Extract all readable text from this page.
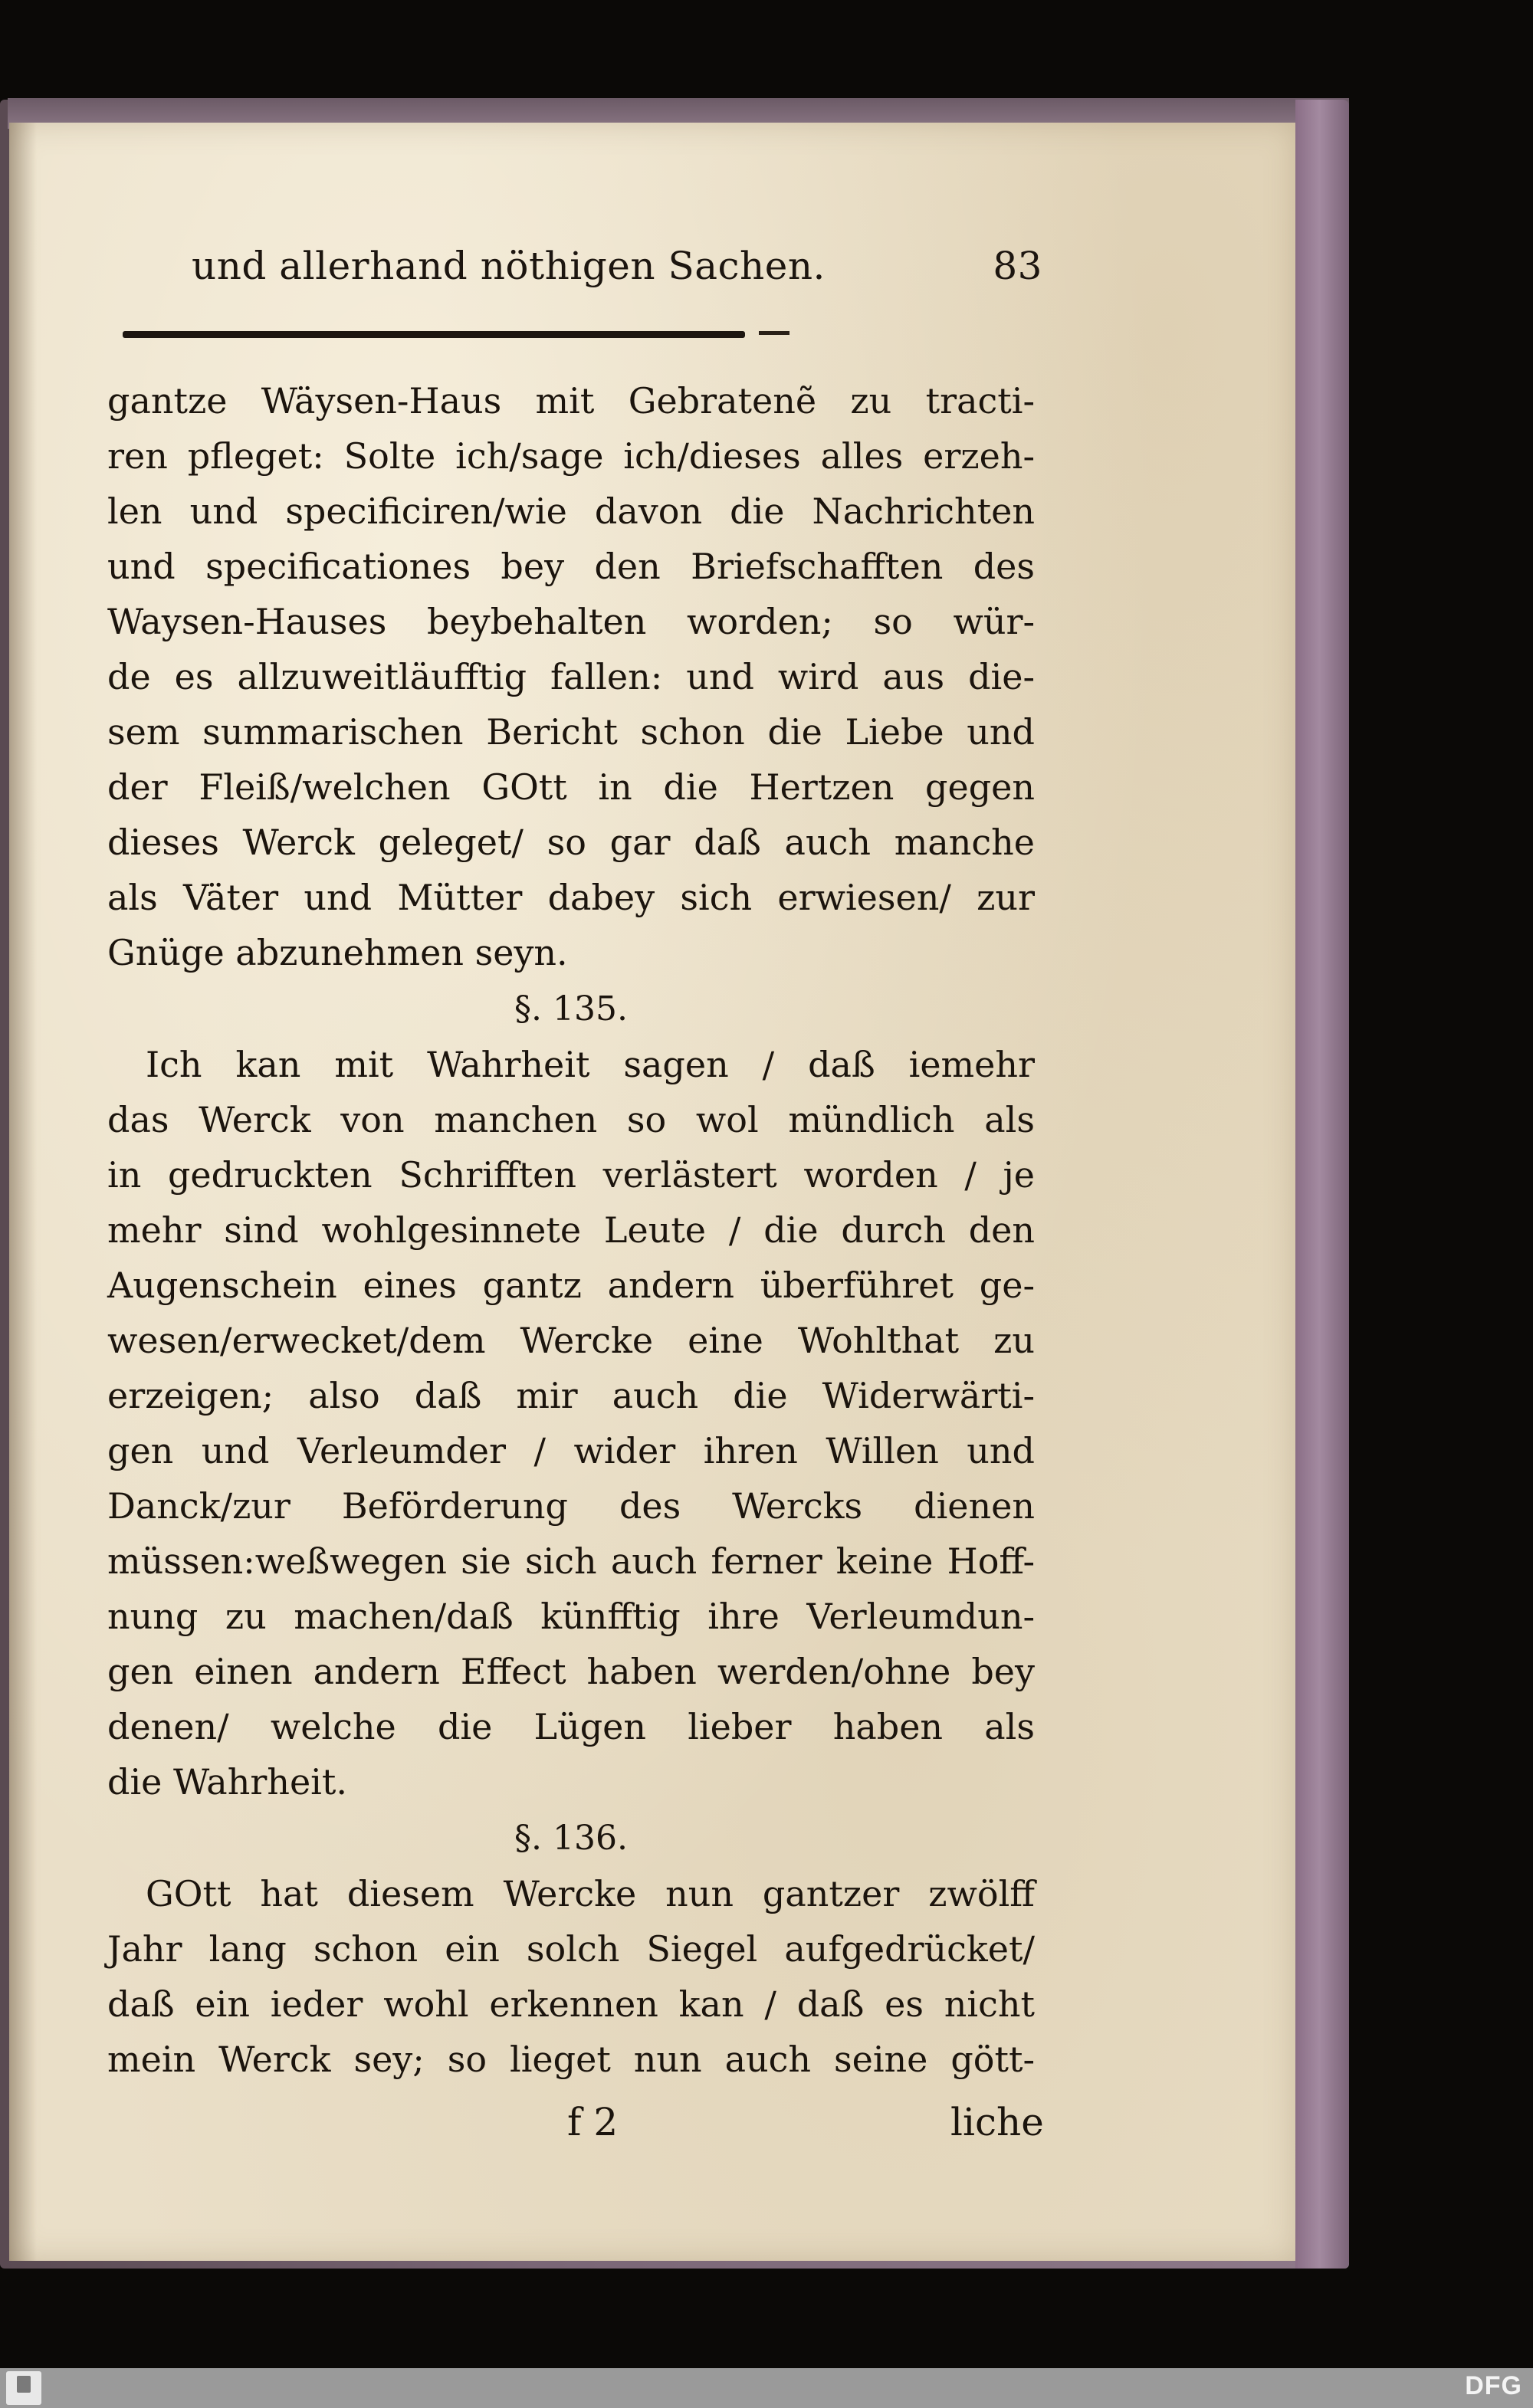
und allerhand nöthigen Sachen.	83
gantze Wäysen-Haus mit Gebratenẽ zu tracti-
ren pfleget: Solte ich/sage ich/dieses alles erzeh-
len und specificiren/wie davon die Nachrichten
und specificationes bey den Briefschafften des
Waysen-Hauses beybehalten worden; so wür-
de es allzuweitläufftig fallen: und wird aus die-
sem summarischen Bericht schon die Liebe und
der Fleiß/welchen GOtt in die Hertzen gegen
dieses Werck geleget/ so gar daß auch manche
als Väter und Mütter dabey sich erwiesen/ zur
Gnüge abzunehmen seyn.
§. 135.
Ich kan mit Wahrheit sagen / daß iemehr
das Werck von manchen so wol mündlich als
in gedruckten Schrifften verlästert worden / je
mehr sind wohlgesinnete Leute / die durch den
Augenschein eines gantz andern überführet ge-
wesen/erwecket/dem Wercke eine Wohlthat zu
erzeigen; also daß mir auch die Widerwärti-
gen und Verleumder / wider ihren Willen und
Danck/zur Beförderung des Wercks dienen
müssen:weßwegen sie sich auch ferner keine Hoff-
nung zu machen/daß künfftig ihre Verleumdun-
gen einen andern Effect haben werden/ohne bey
denen/ welche die Lügen lieber haben als
die Wahrheit.
§. 136.
GOtt hat diesem Wercke nun gantzer zwölff
Jahr lang schon ein solch Siegel aufgedrücket/
daß ein ieder wohl erkennen kan / daß es nicht
mein Werck sey; so lieget nun auch seine gött-
f 2	liche
DFG
